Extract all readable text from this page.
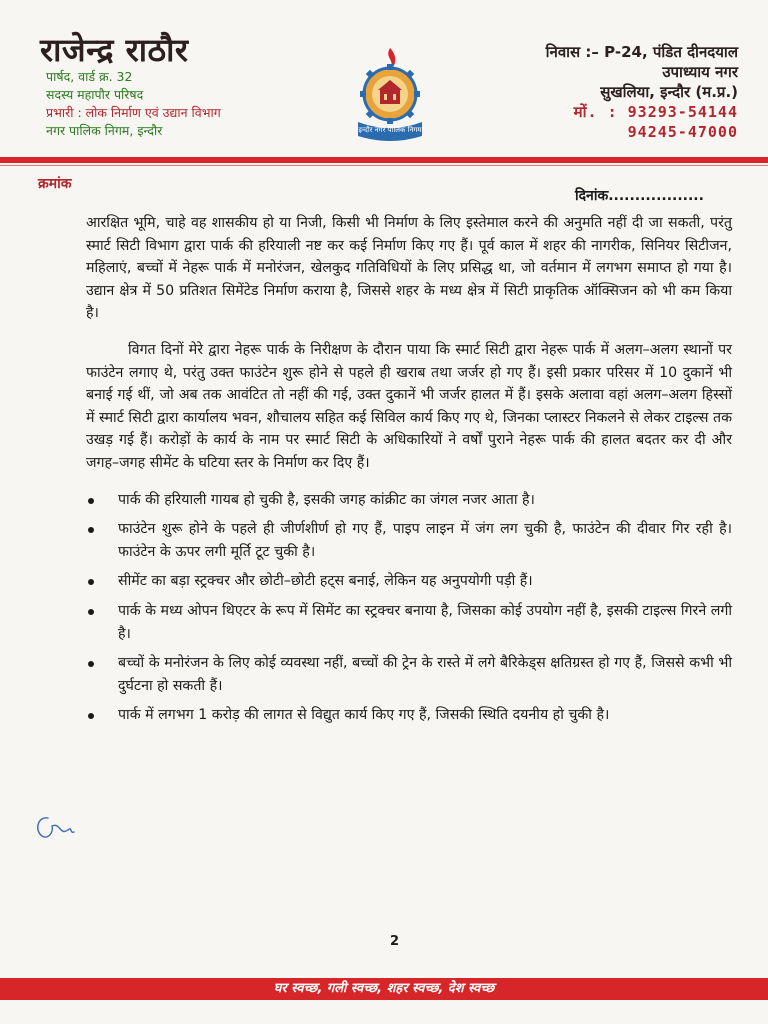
राजेन्द्र राठौर
पार्षद, वार्ड क्र. 32
सदस्य महापौर परिषद
प्रभारी : लोक निर्माण एवं उद्यान विभाग
नगर पालिक निगम, इन्दौर	इन्दौर नगर पालिक निगम
निवास :– P-24, पंडित दीनदयाल
उपाध्याय नगर
सुखलिया, इन्दौर (म.प्र.)
मों. : 93293-54144
94245-47000
क्रमांक
दिनांक..................

आरक्षित भूमि, चाहे वह शासकीय हो या निजी, किसी भी निर्माण के लिए इस्तेमाल करने की अनुमति नहीं दी जा सकती, परंतु स्मार्ट सिटी विभाग द्वारा पार्क की हरियाली नष्ट कर कई निर्माण किए गए हैं। पूर्व काल में शहर की नागरीक, सिनियर सिटीजन, महिलाएं, बच्चों में नेहरू पार्क में मनोरंजन, खेलकुद गतिविधियों के लिए प्रसिद्ध था, जो वर्तमान में लगभग समाप्त हो गया है। उद्यान क्षेत्र में 50 प्रतिशत सिमेंटेड निर्माण कराया है, जिससे शहर के मध्य क्षेत्र में सिटी प्राकृतिक ऑक्सिजन को भी कम किया है।

विगत दिनों मेरे द्वारा नेहरू पार्क के निरीक्षण के दौरान पाया कि स्मार्ट सिटी द्वारा नेहरू पार्क में अलग–अलग स्थानों पर फाउंटेन लगाए थे, परंतु उक्त फाउंटेन शुरू होने से पहले ही खराब तथा जर्जर हो गए हैं। इसी प्रकार परिसर में 10 दुकानें भी बनाई गई थीं, जो अब तक आवंटित तो नहीं की गई, उक्त दुकानें भी जर्जर हालत में हैं। इसके अलावा वहां अलग–अलग हिस्सों में स्मार्ट सिटी द्वारा कार्यालय भवन, शौचालय सहित कई सिविल कार्य किए गए थे, जिनका प्लास्टर निकलने से लेकर टाइल्स तक उखड़ गई हैं। करोड़ों के कार्य के नाम पर स्मार्ट सिटी के अधिकारियों ने वर्षों पुराने नेहरू पार्क की हालत बदतर कर दी और जगह–जगह सीमेंट के घटिया स्तर के निर्माण कर दिए हैं।

पार्क की हरियाली गायब हो चुकी है, इसकी जगह कांक्रीट का जंगल नजर आता है।
फाउंटेन शुरू होने के पहले ही जीर्णशीर्ण हो गए हैं, पाइप लाइन में जंग लग चुकी है, फाउंटेन की दीवार गिर रही है। फाउंटेन के ऊपर लगी मूर्ति टूट चुकी है।
सीमेंट का बड़ा स्ट्रक्चर और छोटी–छोटी हट्स बनाई, लेकिन यह अनुपयोगी पड़ी हैं।
पार्क के मध्य ओपन थिएटर के रूप में सिमेंट का स्ट्रक्चर बनाया है, जिसका कोई उपयोग नहीं है, इसकी टाइल्स गिरने लगी है।
बच्चों के मनोरंजन के लिए कोई व्यवस्था नहीं, बच्चों की ट्रेन के रास्ते में लगे बैरिकेड्स क्षतिग्रस्त हो गए हैं, जिससे कभी भी दुर्घटना हो सकती हैं।
पार्क में लगभग 1 करोड़ की लागत से विद्युत कार्य किए गए हैं, जिसकी स्थिति दयनीय हो चुकी है।
2
घर स्वच्छ, गली स्वच्छ, शहर स्वच्छ, देश स्वच्छ
